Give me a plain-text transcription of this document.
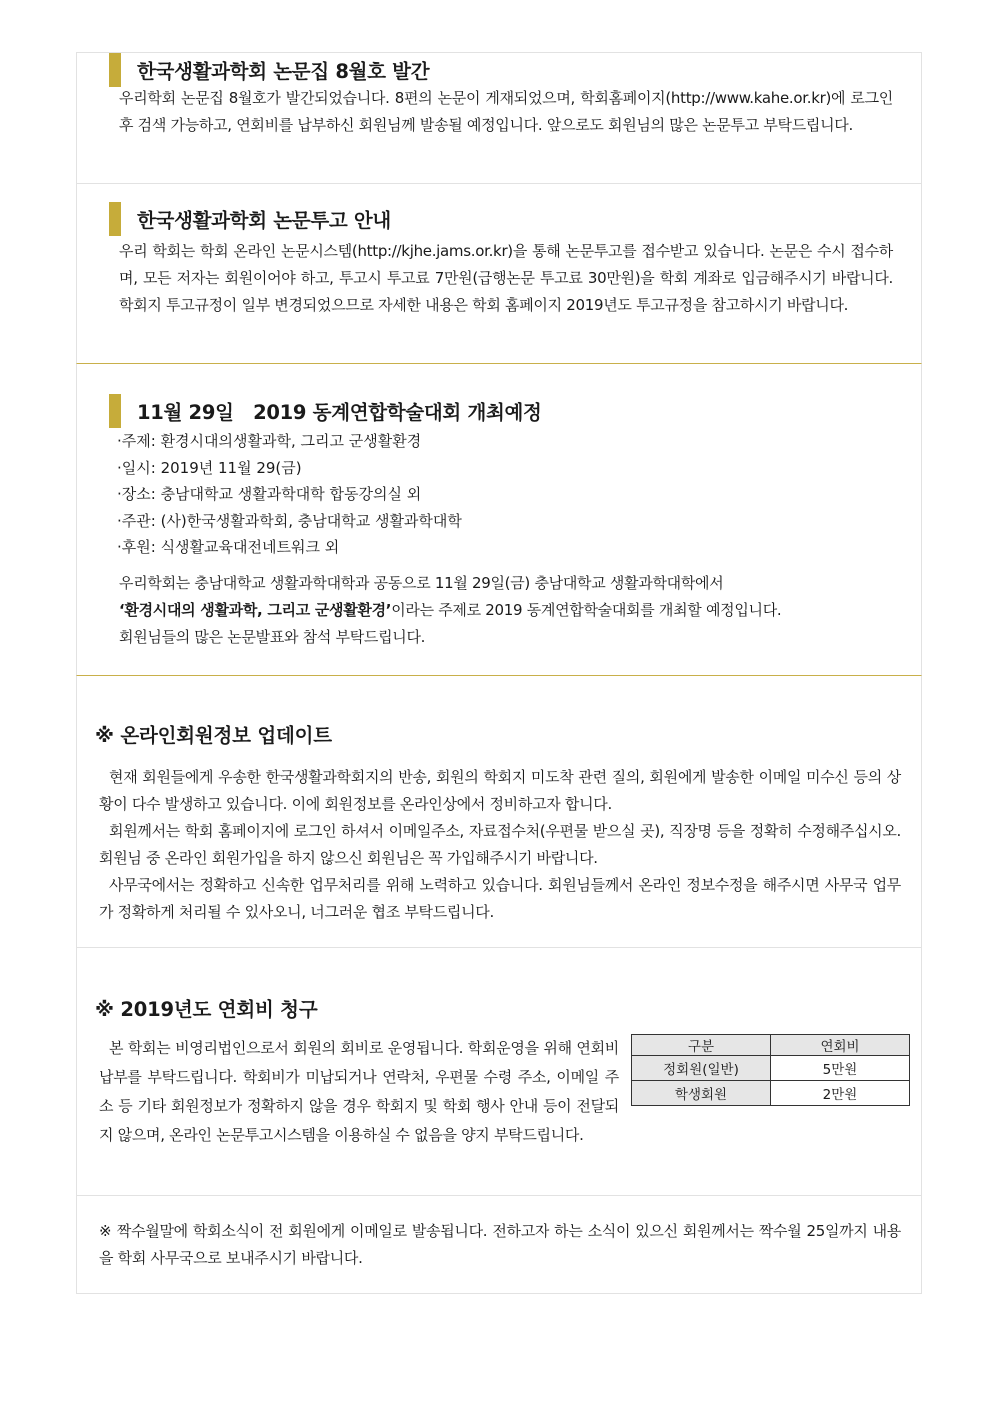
한국생활과학회 논문집 8월호 발간
우리학회 논문집 8월호가 발간되었습니다. 8편의 논문이 게재되었으며, 학회홈페이지(http://www.kahe.or.kr)에 로그인 후 검색 가능하고, 연회비를 납부하신 회원님께 발송될 예정입니다. 앞으로도 회원님의 많은 논문투고 부탁드립니다.
한국생활과학회 논문투고 안내
우리 학회는 학회 온라인 논문시스템(http://kjhe.jams.or.kr)을 통해 논문투고를 접수받고 있습니다. 논문은 수시 접수하며, 모든 저자는 회원이어야 하고, 투고시 투고료 7만원(급행논문 투고료 30만원)을 학회 계좌로 입금해주시기 바랍니다. 학회지 투고규정이 일부 변경되었으므로 자세한 내용은 학회 홈페이지 2019년도 투고규정을 참고하시기 바랍니다.
11월 29일   2019 동계연합학술대회 개최예정
·주제: 환경시대의생활과학, 그리고 군생활환경
·일시: 2019년 11월 29(금)
·장소: 충남대학교 생활과학대학 합동강의실 외
·주관: (사)한국생활과학회, 충남대학교 생활과학대학
·후원: 식생활교육대전네트워크 외

우리학회는 충남대학교 생활과학대학과 공동으로 11월 29일(금) 충남대학교 생활과학대학에서

‘환경시대의 생활과학, 그리고 군생활환경’이라는 주제로 2019 동계연합학술대회를 개최할 예정입니다.

회원님들의 많은 논문발표와 참석 부탁드립니다.

※ 온라인회원정보 업데이트

현재 회원들에게 우송한 한국생활과학회지의 반송, 회원의 학회지 미도착 관련 질의, 회원에게 발송한 이메일 미수신 등의 상황이 다수 발생하고 있습니다. 이에 회원정보를 온라인상에서 정비하고자 합니다.

회원께서는 학회 홈페이지에 로그인 하셔서 이메일주소, 자료접수처(우편물 받으실 곳), 직장명 등을 정확히 수정해주십시오. 회원님 중 온라인 회원가입을 하지 않으신 회원님은 꼭 가입해주시기 바랍니다.

사무국에서는 정확하고 신속한 업무처리를 위해 노력하고 있습니다. 회원님들께서 온라인 정보수정을 해주시면 사무국 업무가 정확하게 처리될 수 있사오니, 너그러운 협조 부탁드립니다.

※ 2019년도 연회비 청구
본 학회는 비영리법인으로서 회원의 회비로 운영됩니다. 학회운영을 위해 연회비 납부를 부탁드립니다. 학회비가 미납되거나 연락처, 우편물 수령 주소, 이메일 주소 등 기타 회원정보가 정확하지 않을 경우 학회지 및 학회 행사 안내 등이 전달되지 않으며, 온라인 논문투고시스템을 이용하실 수 없음을 양지 부탁드립니다.
구분	연회비
정회원(일반)	5만원
학생회원	2만원
※ 짝수월말에 학회소식이 전 회원에게 이메일로 발송됩니다. 전하고자 하는 소식이 있으신 회원께서는 짝수월 25일까지 내용을 학회 사무국으로 보내주시기 바랍니다.
